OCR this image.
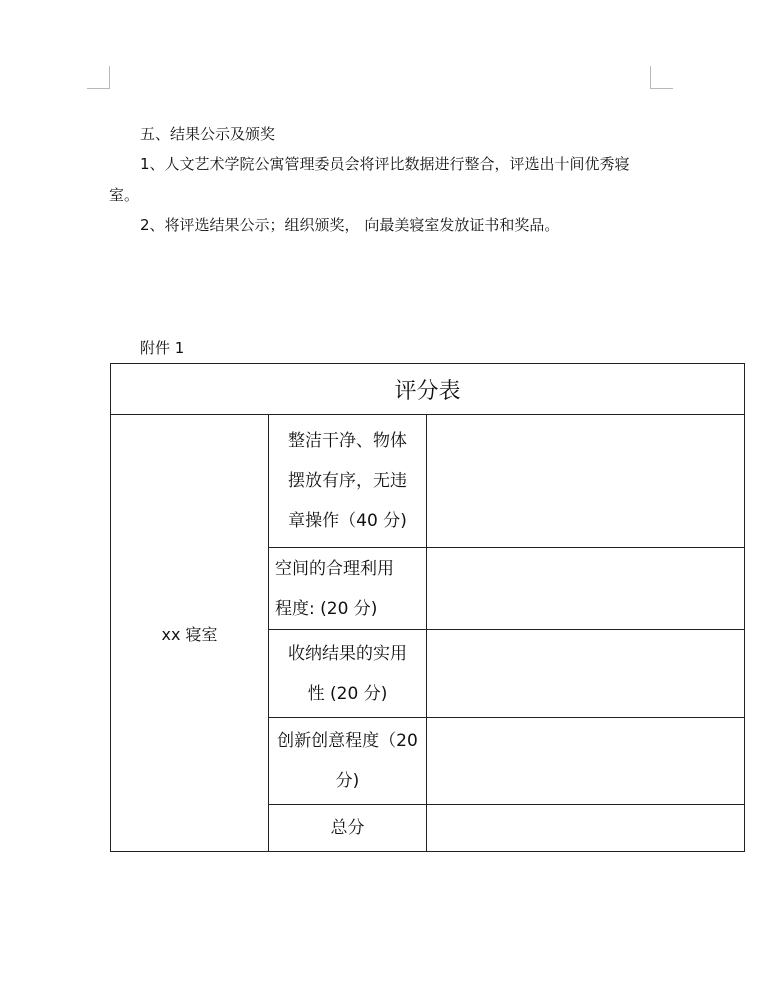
五、结果公示及颁奖
1、人文艺术学院公寓管理委员会将评比数据进行整合，评选出十间优秀寝
室。
2、将评选结果公示；组织颁奖， 向最美寝室发放证书和奖品。
附件 1
评分表		
xx 寝室	整洁干净、物体
摆放有序，无违
章操作（40 分)	

	空间的合理利用
程度: (20 分)	

	收纳结果的实用
性 (20 分)	

	创新创意程度（20
分)	

	总分	
